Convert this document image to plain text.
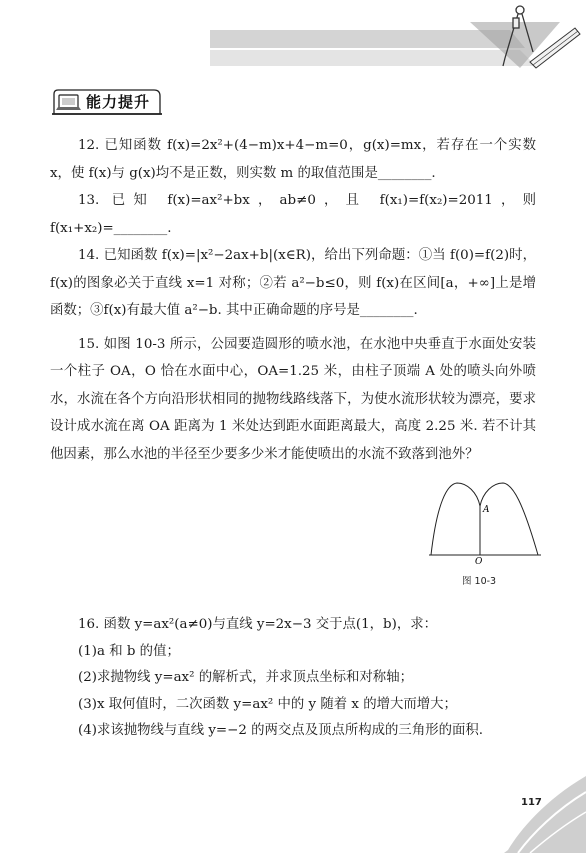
能力提升

12. 已知函数 f(x)=2x²+(4−m)x+4−m=0，g(x)=mx，若存在一个实数 x，使 f(x)与 g(x)均不是正数，则实数 m 的取值范围是________.

13. 已知 f(x)=ax²+bx，ab≠0，且 f(x₁)=f(x₂)=2011，则 f(x₁+x₂)=________.

14. 已知函数 f(x)=|x²−2ax+b|(x∈R)，给出下列命题：①当 f(0)=f(2)时，f(x)的图象必关于直线 x=1 对称；②若 a²−b≤0，则 f(x)在区间[a，+∞]上是增函数；③f(x)有最大值 a²−b. 其中正确命题的序号是________.

15. 如图 10-3 所示，公园要造圆形的喷水池，在水池中央垂直于水面处安装一个柱子 OA，O 恰在水面中心，OA=1.25 米，由柱子顶端 A 处的喷头向外喷水，水流在各个方向沿形状相同的抛物线路线落下，为使水流形状较为漂亮，要求设计成水流在离 OA 距离为 1 米处达到距水面距离最大，高度 2.25 米. 若不计其他因素，那么水池的半径至少要多少米才能使喷出的水流不致落到池外？

A
O
图 10-3

16. 函数 y=ax²(a≠0)与直线 y=2x−3 交于点(1，b)，求：

(1)a 和 b 的值；

(2)求抛物线 y=ax² 的解析式，并求顶点坐标和对称轴；

(3)x 取何值时，二次函数 y=ax² 中的 y 随着 x 的增大而增大；

(4)求该抛物线与直线 y=−2 的两交点及顶点所构成的三角形的面积.

117
